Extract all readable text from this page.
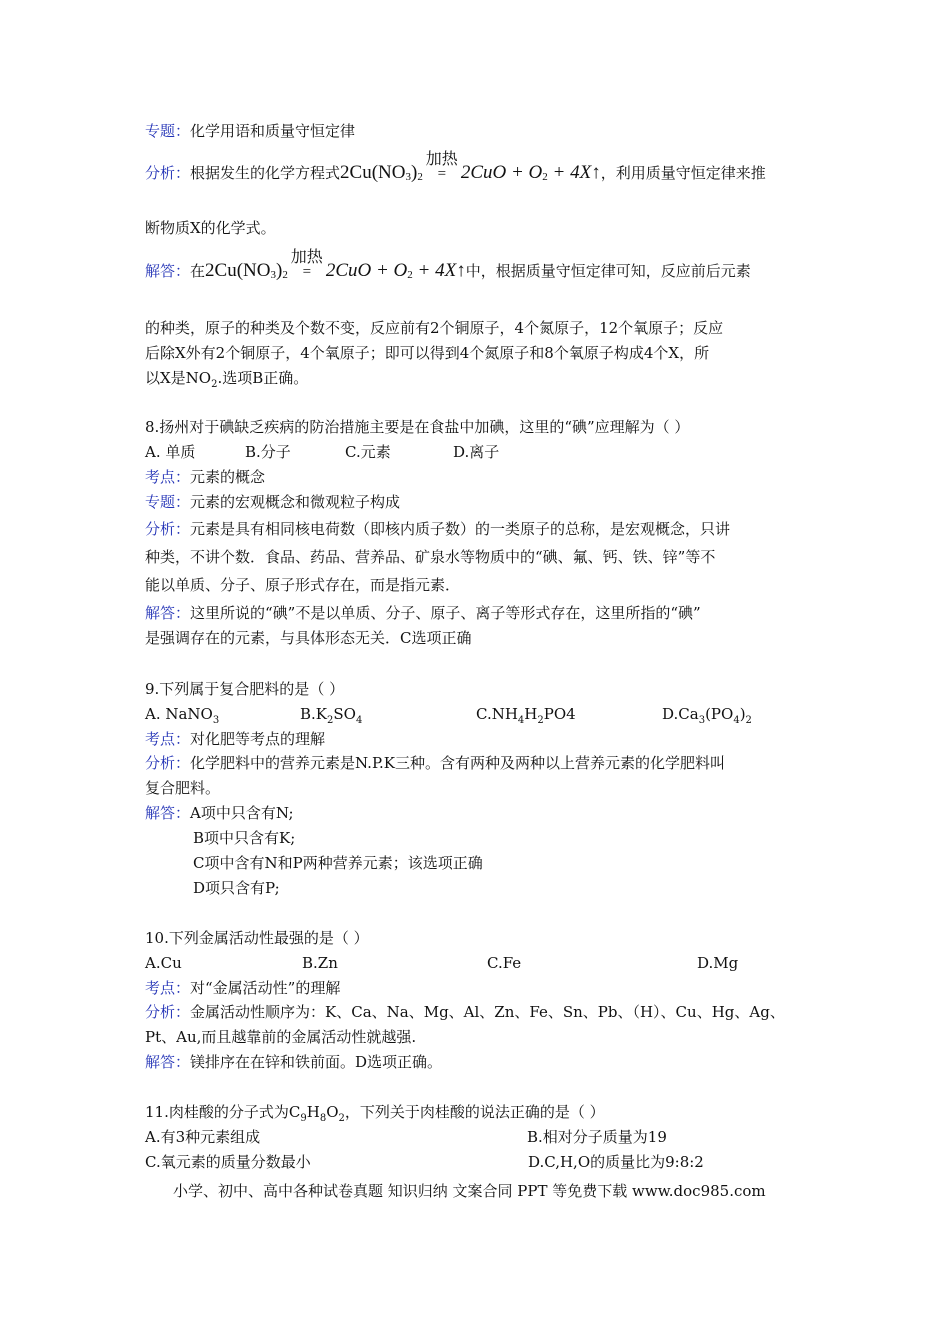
专题：化学用语和质量守恒定律
分析：根据发生的化学方程式2Cu(NO3)2
加热
= 2CuO + O2 + 4X↑，利用质量守恒定律来推
断物质X的化学式。
解答：在2Cu(NO3)2
加热
= 2CuO + O2 + 4X↑中，根据质量守恒定律可知，反应前后元素
的种类，原子的种类及个数不变，反应前有2个铜原子，4个氮原子，12个氧原子；反应
后除X外有2个铜原子，4个氧原子；即可以得到4个氮原子和8个氧原子构成4个X，所
以X是$NO_2$.选项B正确。
8.扬州对于碘缺乏疾病的防治措施主要是在食盐中加碘，这里的“碘”应理解为（ ）
A. 单质	B.分子	C.元素	D.离子
考点：元素的概念
专题：元素的宏观概念和微观粒子构成
分析：元素是具有相同核电荷数（即核内质子数）的一类原子的总称，是宏观概念，只讲
种类，不讲个数．食品、药品、营养品、矿泉水等物质中的“碘、氟、钙、铁、锌”等不
能以单质、分子、原子形式存在，而是指元素．
解答：这里所说的“碘”不是以单质、分子、原子、离子等形式存在，这里所指的“碘”
是强调存在的元素，与具体形态无关．C选项正确
9.下列属于复合肥料的是（ ）
A. NaNO$_3$	$B.K_2SO_4$	$C.NH_4H_2PO4$	$D.Ca_3(PO_4)_2$
考点：对化肥等考点的理解
分析：化学肥料中的营养元素是N.P.K三种。含有两种及两种以上营养元素的化学肥料叫
复合肥料。
解答：A项中只含有N;
B项中只含有K;
C项中含有N和P两种营养元素；该选项正确
D项只含有P;
10.下列金属活动性最强的是（ ）
A.Cu	B.Zn	C.Fe	D.Mg
考点：对“金属活动性”的理解
分析：金属活动性顺序为：K、Ca、Na、Mg、Al、Zn、Fe、Sn、Pb、（H）、Cu、Hg、Ag、
Pt、Au,而且越靠前的金属活动性就越强.
解答：镁排序在在锌和铁前面。D选项正确。
11.肉桂酸的分子式为$C_9H_8O_2$，下列关于肉桂酸的说法正确的是（ ）
A.有3种元素组成	B.相对分子质量为19
C.氧元素的质量分数最小	D.C,H,O的质量比为9:8:2
小学、初中、高中各种试卷真题 知识归纳 文案合同 PPT 等免费下载 www.doc985.com
